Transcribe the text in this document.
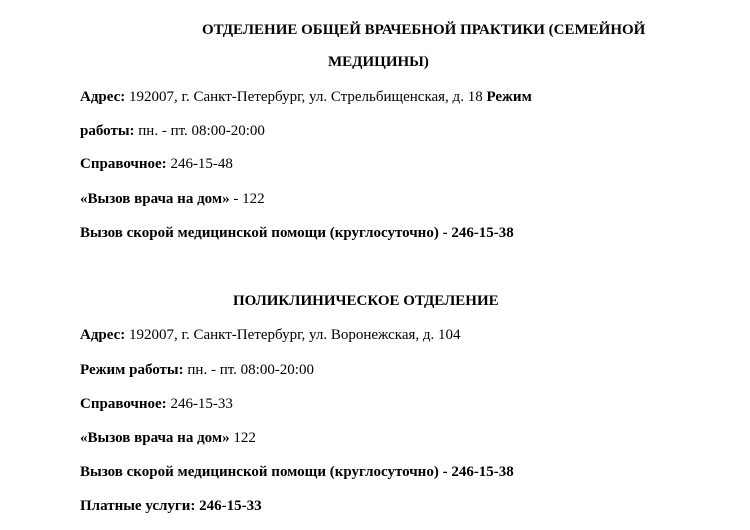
ОТДЕЛЕНИЕ ОБЩЕЙ ВРАЧЕБНОЙ ПРАКТИКИ (СЕМЕЙНОЙ
МЕДИЦИНЫ)
Адрес: 192007, г. Санкт-Петербург, ул. Стрельбищенская, д. 18 Режим
работы: пн. - пт. 08:00-20:00
Справочное: 246-15-48
«Вызов врача на дом» - 122
Вызов скорой медицинской помощи (круглосуточно) - 246-15-38
ПОЛИКЛИНИЧЕСКОЕ ОТДЕЛЕНИЕ
Адрес: 192007, г. Санкт-Петербург, ул. Воронежская, д. 104
Режим работы: пн. - пт. 08:00-20:00
Справочное: 246-15-33
«Вызов врача на дом» 122
Вызов скорой медицинской помощи (круглосуточно) - 246-15-38
Платные услуги: 246-15-33
